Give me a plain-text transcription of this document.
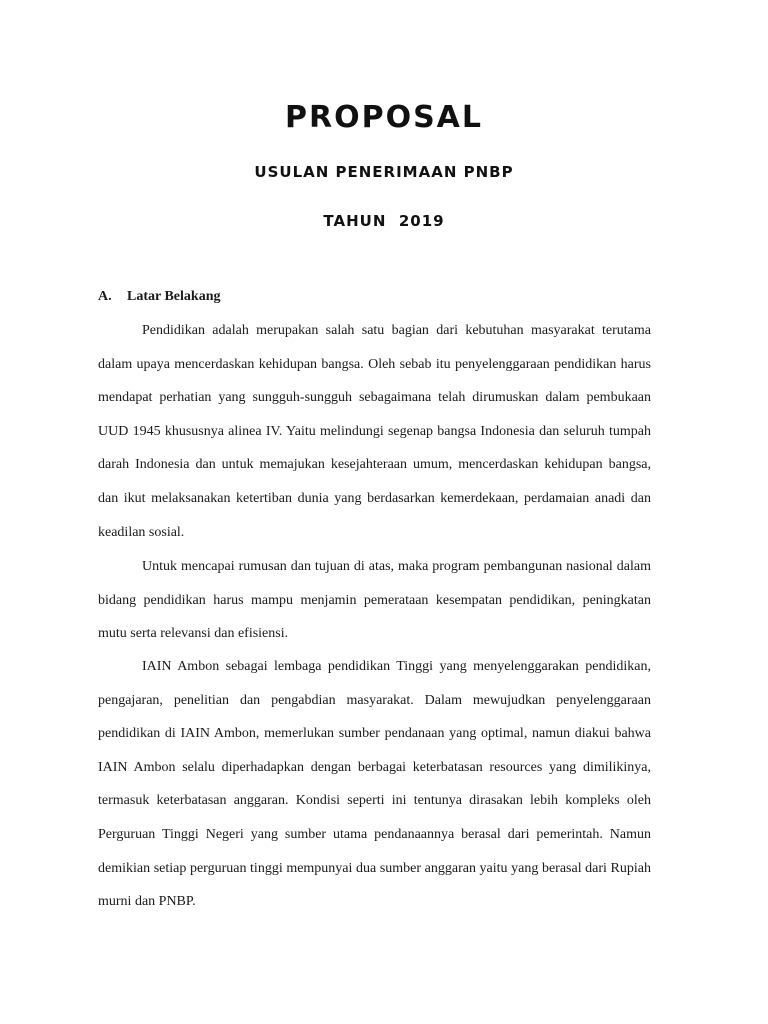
PROPOSAL
USULAN PENERIMAAN PNBP
TAHUN  2019
A. Latar Belakang

Pendidikan adalah merupakan salah satu bagian dari kebutuhan masyarakat terutama dalam upaya mencerdaskan kehidupan bangsa. Oleh sebab itu penyelenggaraan pendidikan harus mendapat perhatian yang sungguh-sungguh sebagaimana telah dirumuskan dalam pembukaan UUD 1945 khususnya alinea IV. Yaitu melindungi segenap bangsa Indonesia dan seluruh tumpah darah Indonesia dan untuk memajukan kesejahteraan umum, mencerdaskan kehidupan bangsa, dan ikut melaksanakan ketertiban dunia yang berdasarkan kemerdekaan, perdamaian anadi dan keadilan sosial.

Untuk mencapai rumusan dan tujuan di atas, maka program pembangunan nasional dalam bidang pendidikan harus mampu menjamin pemerataan kesempatan pendidikan, peningkatan mutu serta relevansi dan efisiensi.

IAIN Ambon sebagai lembaga pendidikan Tinggi yang menyelenggarakan pendidikan, pengajaran, penelitian dan pengabdian masyarakat. Dalam mewujudkan penyelenggaraan pendidikan di IAIN Ambon, memerlukan sumber pendanaan yang optimal, namun diakui bahwa IAIN Ambon selalu diperhadapkan dengan berbagai keterbatasan resources yang dimilikinya, termasuk keterbatasan anggaran. Kondisi seperti ini tentunya dirasakan lebih kompleks oleh Perguruan Tinggi Negeri yang sumber utama pendanaannya berasal dari pemerintah. Namun demikian setiap perguruan tinggi mempunyai dua sumber anggaran yaitu yang berasal dari Rupiah murni dan PNBP.
